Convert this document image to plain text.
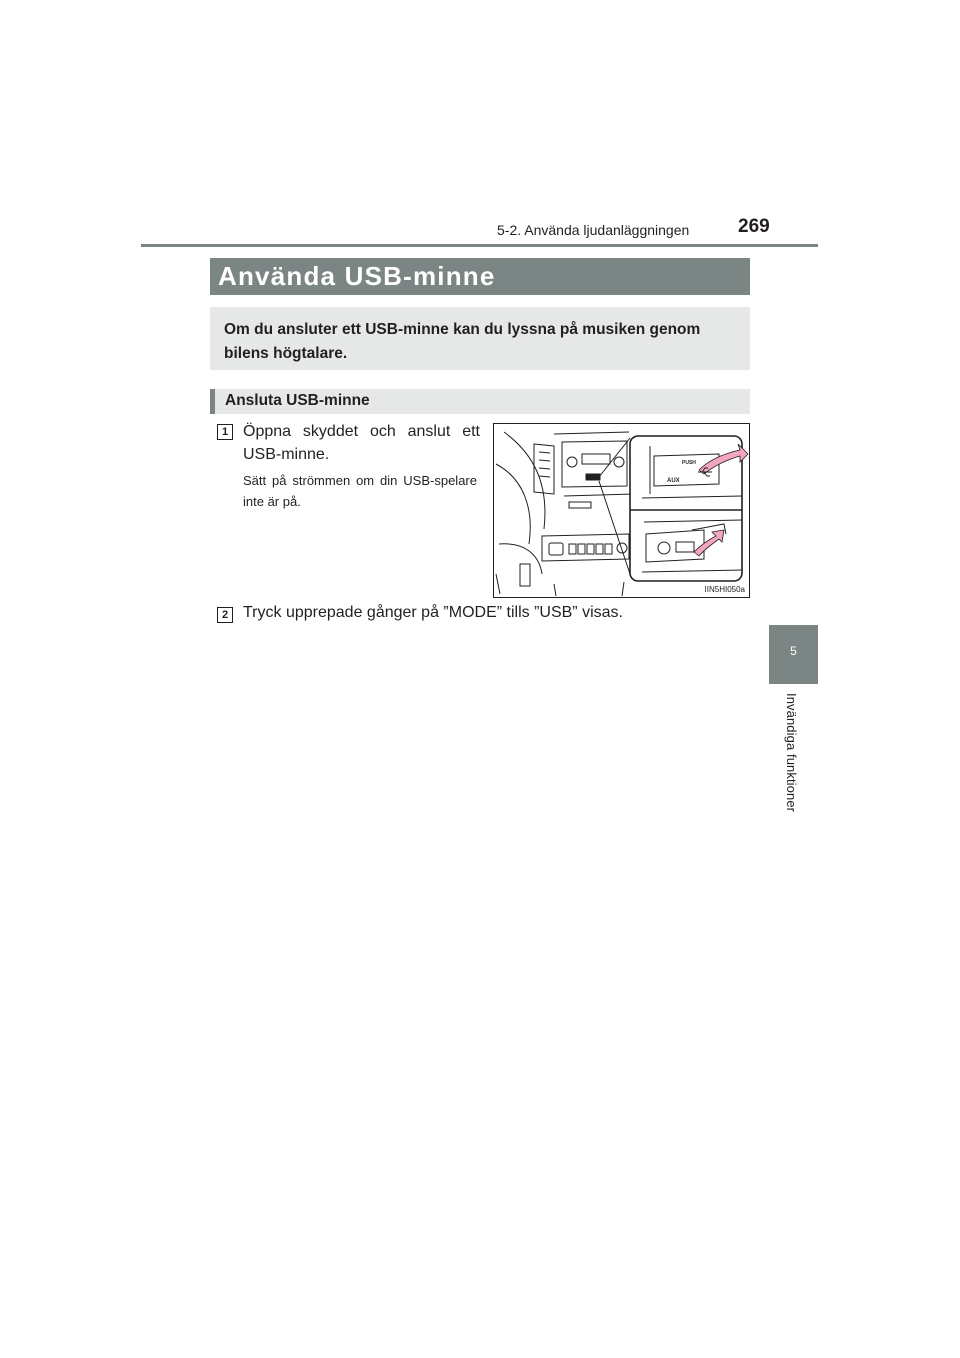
5-2. Använda ljudanläggningen	269
5
Invändiga funktioner
Använda USB-minne
Om du ansluter ett USB-minne kan du lyssna på musiken genom bilens högtalare.
Ansluta USB-minne
1 Öppna skyddet och anslut ett USB-minne.
Sätt på strömmen om din USB-spelare inte är på.
PUSH
AUX
IIN5HI050a
2 Tryck upprepade gånger på ”MODE” tills ”USB” visas.
